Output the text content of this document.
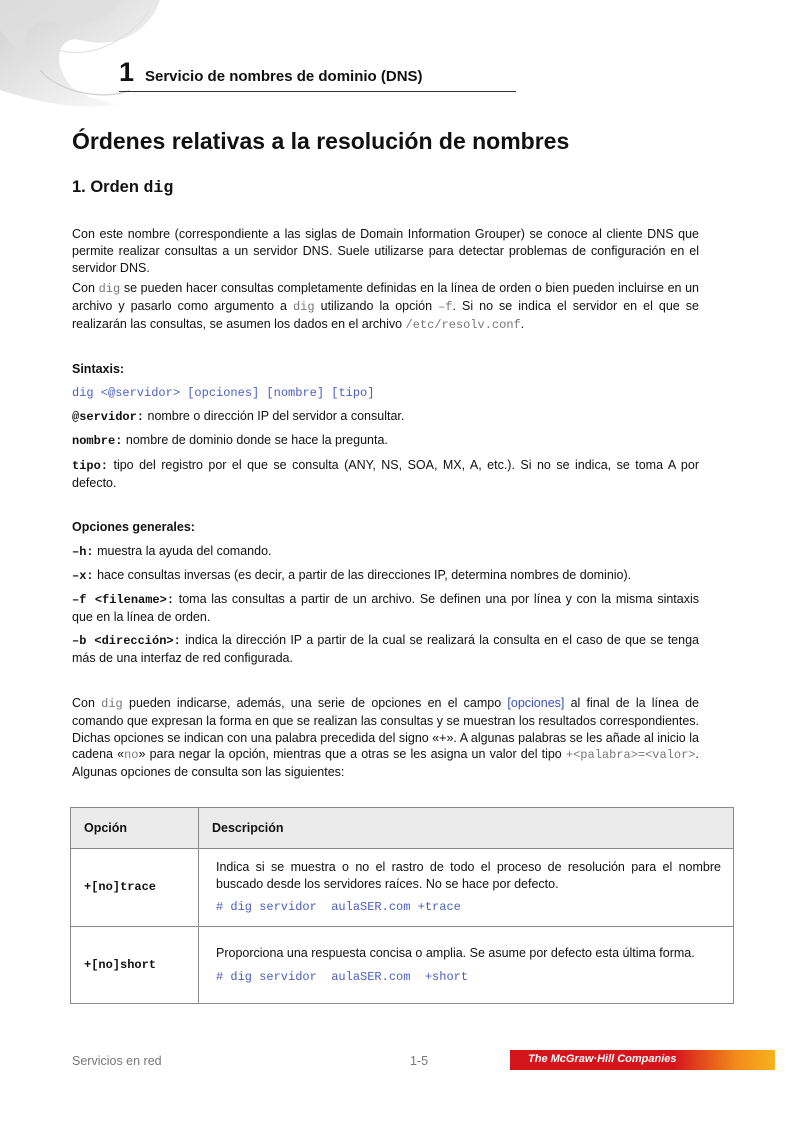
1 Servicio de nombres de dominio (DNS)
Órdenes relativas a la resolución de nombres
1. Orden dig

Con este nombre (correspondiente a las siglas de Domain Information Grouper) se conoce al cliente DNS que permite realizar consultas a un servidor DNS. Suele utilizarse para detectar problemas de configuración en el servidor DNS.

Con dig se pueden hacer consultas completamente definidas en la línea de orden o bien pueden incluirse en un archivo y pasarlo como argumento a dig utilizando la opción –f. Si no se indica el servidor en el que se realizarán las consultas, se asumen los dados en el archivo /etc/resolv.conf.

Sintaxis:

dig <@servidor> [opciones] [nombre] [tipo]

@servidor: nombre o dirección IP del servidor a consultar.

nombre: nombre de dominio donde se hace la pregunta.

tipo: tipo del registro por el que se consulta (ANY, NS, SOA, MX, A, etc.). Si no se indica, se toma A por defecto.

Opciones generales:

–h: muestra la ayuda del comando.

–x: hace consultas inversas (es decir, a partir de las direcciones IP, determina nombres de dominio).

–f <filename>: toma las consultas a partir de un archivo. Se definen una por línea y con la misma sintaxis que en la línea de orden.

–b <dirección>: indica la dirección IP a partir de la cual se realizará la consulta en el caso de que se tenga más de una interfaz de red configurada.

Con dig pueden indicarse, además, una serie de opciones en el campo [opciones] al final de la línea de comando que expresan la forma en que se realizan las consultas y se muestran los resultados correspondientes. Dichas opciones se indican con una palabra precedida del signo «+». A algunas palabras se les añade al inicio la cadena «no» para negar la opción, mientras que a otras se les asigna un valor del tipo +<palabra>=<valor>. Algunas opciones de consulta son las siguientes:

Opción	Descripción
+[no]trace	Indica si se muestra o no el rastro de todo el proceso de resolución para el nombre buscado desde los servidores raíces. No se hace por defecto.
# dig servidor  aulaSER.com +trace

+[no]short	Proporciona una respuesta concisa o amplia. Se asume por defecto esta última forma.
# dig servidor  aulaSER.com  +short
Servicios en red	1-5	The McGraw·Hill Companies
